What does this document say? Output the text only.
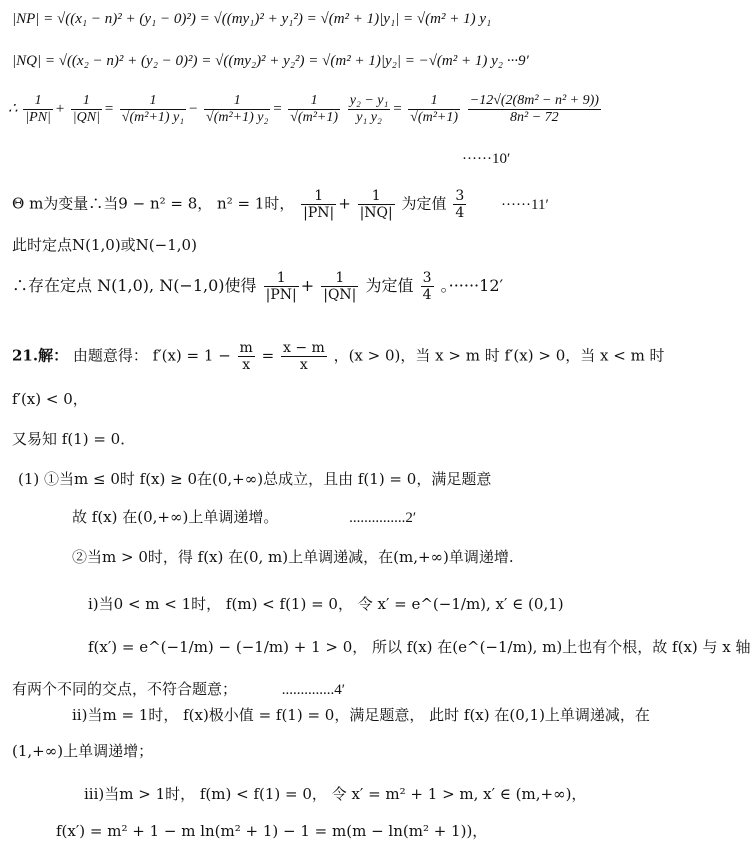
|NP| = √((x₁ − n)² + (y₁ − 0)²) = √((my₁)² + y₁²) = √(m² + 1)|y₁| = √(m² + 1) y₁
|NQ| = √((x₂ − n)² + (y₂ − 0)²) = √((my₂)² + y₂²) = √(m² + 1)|y₂| = −√(m² + 1) y₂ ···9′
∴ $\frac{1}{|PN|} + \frac{1}{|QN|} = \frac{1}{\text{√(m²+1) y₁}} - \frac{1}{\text{√(m²+1) y₂}} = \frac{1}{\text{√(m²+1)}}$
$\frac{\text{y₂ − y₁}}{\text{y₁ y₂}} = \frac{1}{\text{√(m²+1)}}$
$\frac{\text{−12√(2(8m² − n² + 9))}}{\text{8n² − 72}}$
······10′
Θ m为变量∴当9 − n² = 8， n² = 1时， $\frac{1}{|PN|} + \frac{1}{|NQ|}$ 为定值 $\frac{3}{4} \cdot\cdot\cdot\cdot\cdot\cdot 11'$
此时定点N(1,0)或N(−1,0)
∴存在定点 N(1,0), N(−1,0)使得 $\frac{1}{|PN|} + \frac{1}{|QN|}$ 为定值 $\frac{3}{4}$ 。······12′
21.解： 由题意得： $f'(x) = 1 - \frac{m}{x} = \frac{x - m}{x}$ ，(x > 0)，当 x > m 时 f′(x) > 0，当 x < m 时
f′(x) < 0，
又易知 f(1) = 0．
(1) ①当m ≤ 0时 f(x) ≥ 0在(0,+∞)总成立，且由 f(1) = 0，满足题意
故 f(x) 在(0,+∞)上单调递增。	...............2′
②当m > 0时，得 f(x) 在(0, m)上单调递减，在(m,+∞)单调递增.
i)当0 < m < 1时， f(m) < f(1) = 0， 令 x′ = e^(−1/m), x′ ∈ (0,1)
f(x′) = e^(−1/m) − (−1/m) + 1 > 0， 所以 f(x) 在(e^(−1/m), m)上也有个根，故 f(x) 与 x 轴
有两个不同的交点，不符合题意；	..............4′
ii)当m = 1时， f(x)极小值 = f(1) = 0，满足题意， 此时 f(x) 在(0,1)上单调递减，在
(1,+∞)上单调递增；
iii)当m > 1时， f(m) < f(1) = 0， 令 x′ = m² + 1 > m, x′ ∈ (m,+∞)，
f(x′) = m² + 1 − m ln(m² + 1) − 1 = m(m − ln(m² + 1))，
